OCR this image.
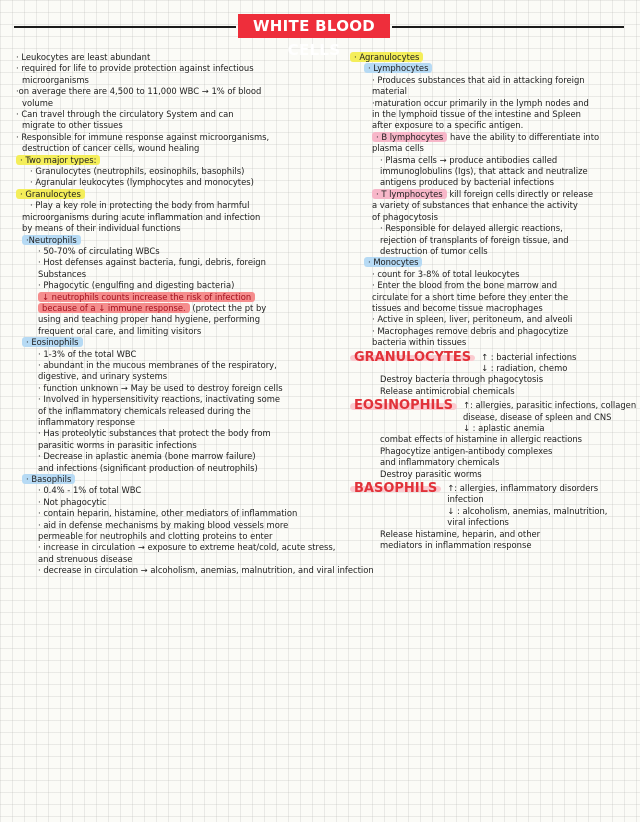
WHITE BLOOD CELLS
· Leukocytes are least abundant
· required for life to provide protection against infectious
microorganisms
·on average there are 4,500 to 11,000 WBC → 1% of blood
volume
· Can travel through the circulatory System and can
migrate to other tissues
· Responsible for immune response against microorganisms,
destruction of cancer cells, wound healing
· Two major types:
· Granulocytes (neutrophils, eosinophils, basophils)
· Agranular leukocytes (lymphocytes and monocytes)
· Granulocytes
· Play a key role in protecting the body from harmful
microorganisms during acute inflammation and infection
by means of their individual functions
·Neutrophils
· 50-70% of circulating WBCs
· Host defenses against bacteria, fungi, debris, foreign
Substances
· Phagocytic (engulfing and digesting bacteria)
↓ neutrophils counts increase the risk of infection
because of a ↓ immune response. (protect the pt by
using and teaching proper hand hygiene, performing
frequent oral care, and limiting visitors
· Eosinophils
· 1-3% of the total WBC
· abundant in the mucous membranes of the respiratory,
digestive, and urinary systems
· function unknown → May be used to destroy foreign cells
· Involved in hypersensitivity reactions, inactivating some
of the inflammatory chemicals released during the
inflammatory response
· Has proteolytic substances that protect the body from
parasitic worms in parasitic infections
· Decrease in aplastic anemia (bone marrow failure)
and infections (significant production of neutrophils)
· Basophils
· 0.4% - 1% of total WBC
· Not phagocytic
· contain heparin, histamine, other mediators of inflammation
· aid in defense mechanisms by making blood vessels more
permeable for neutrophils and clotting proteins to enter
· increase in circulation → exposure to extreme heat/cold, acute stress,
and strenuous disease
· decrease in circulation → alcoholism, anemias, malnutrition, and viral infection
· Agranulocytes
· Lymphocytes
· Produces substances that aid in attacking foreign
material
·maturation occur primarily in the lymph nodes and
in the lymphoid tissue of the intestine and Spleen
after exposure to a specific antigen.
· B lymphocytes have the ability to differentiate into
plasma cells
· Plasma cells → produce antibodies called
immunoglobulins (Igs), that attack and neutralize
antigens produced by bacterial infections
· T lymphocytes kill foreign cells directly or release
a variety of substances that enhance the activity
of phagocytosis
· Responsible for delayed allergic reactions,
rejection of transplants of foreign tissue, and
destruction of tumor cells
· Monocytes
· count for 3-8% of total leukocytes
· Enter the blood from the bone marrow and
circulate for a short time before they enter the
tissues and become tissue macrophages
· Active in spleen, liver, peritoneum, and alveoli
· Macrophages remove debris and phagocytize
bacteria within tissues
GRANULOCYTES	↑ : bacterial infections
↓ : radiation, chemo
Destroy bacteria through phagocytosis
Release antimicrobial chemicals
EOSINOPHILS	↑: allergies, parasitic infections, collagen
disease, disease of spleen and CNS
↓ : aplastic anemia
combat effects of histamine in allergic reactions
Phagocytize antigen-antibody complexes
and inflammatory chemicals
Destroy parasitic worms
BASOPHILS	↑: allergies, inflammatory disorders
infection
↓ : alcoholism, anemias, malnutrition,
viral infections
Release histamine, heparin, and other
mediators in inflammation response
